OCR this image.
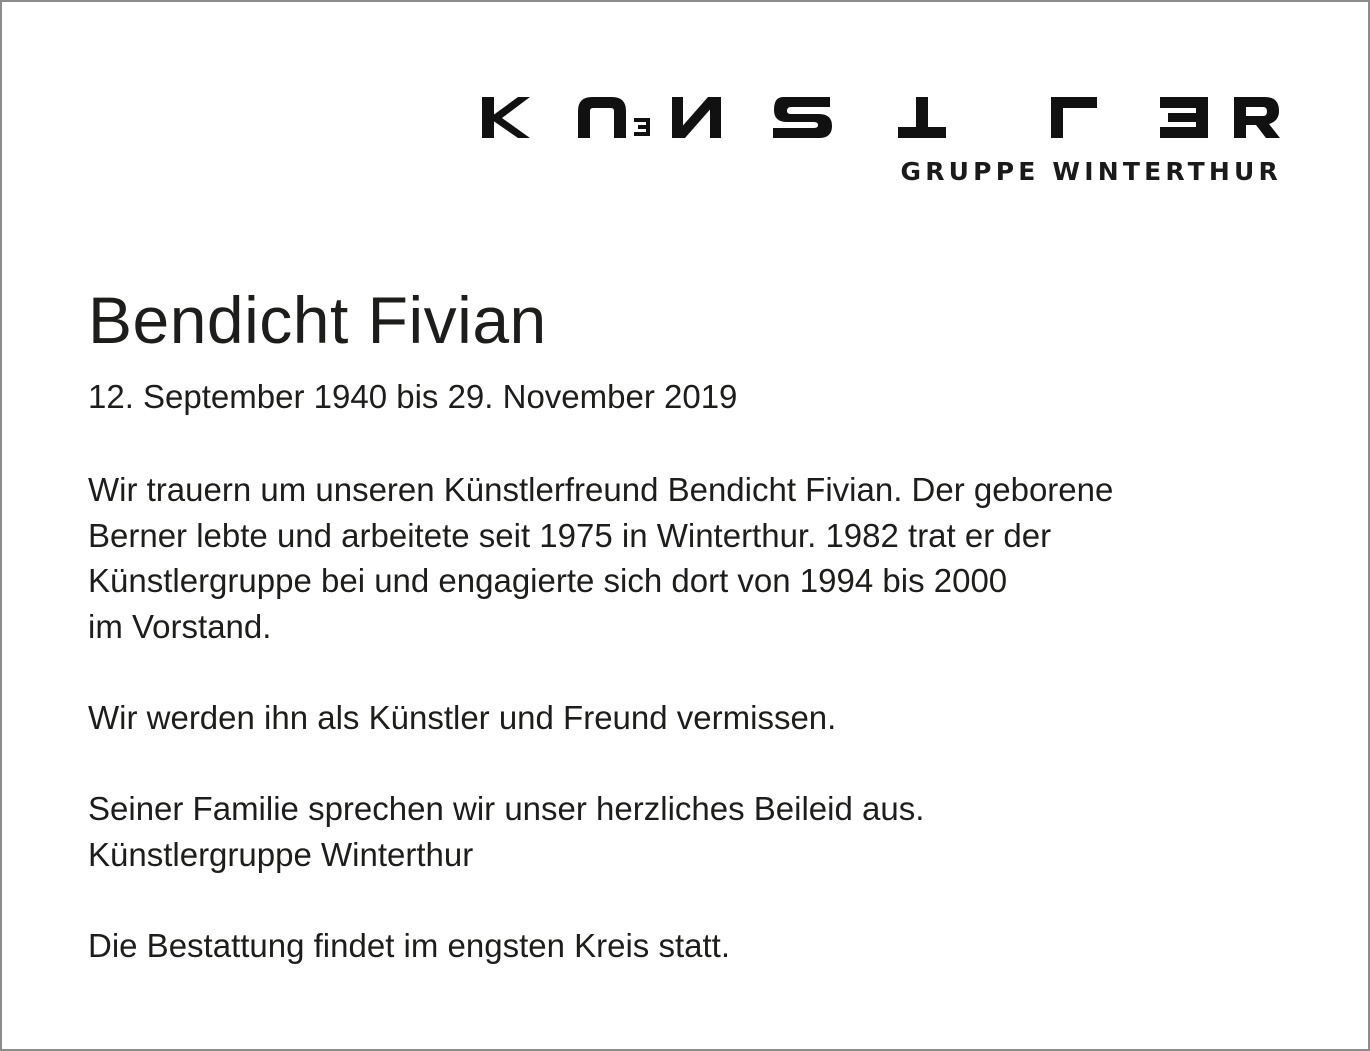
GRUPPE WINTERTHUR
Bendicht Fivian
12. September 1940 bis 29. November 2019
Wir trauern um unseren Künstlerfreund Bendicht Fivian. Der geborene
Berner lebte und arbeitete seit 1975 in Winterthur. 1982 trat er der
Künstlergruppe bei und engagierte sich dort von 1994 bis 2000
im Vorstand.
Wir werden ihn als Künstler und Freund vermissen.
Seiner Familie sprechen wir unser herzliches Beileid aus.
Künstlergruppe Winterthur
Die Bestattung findet im engsten Kreis statt.
